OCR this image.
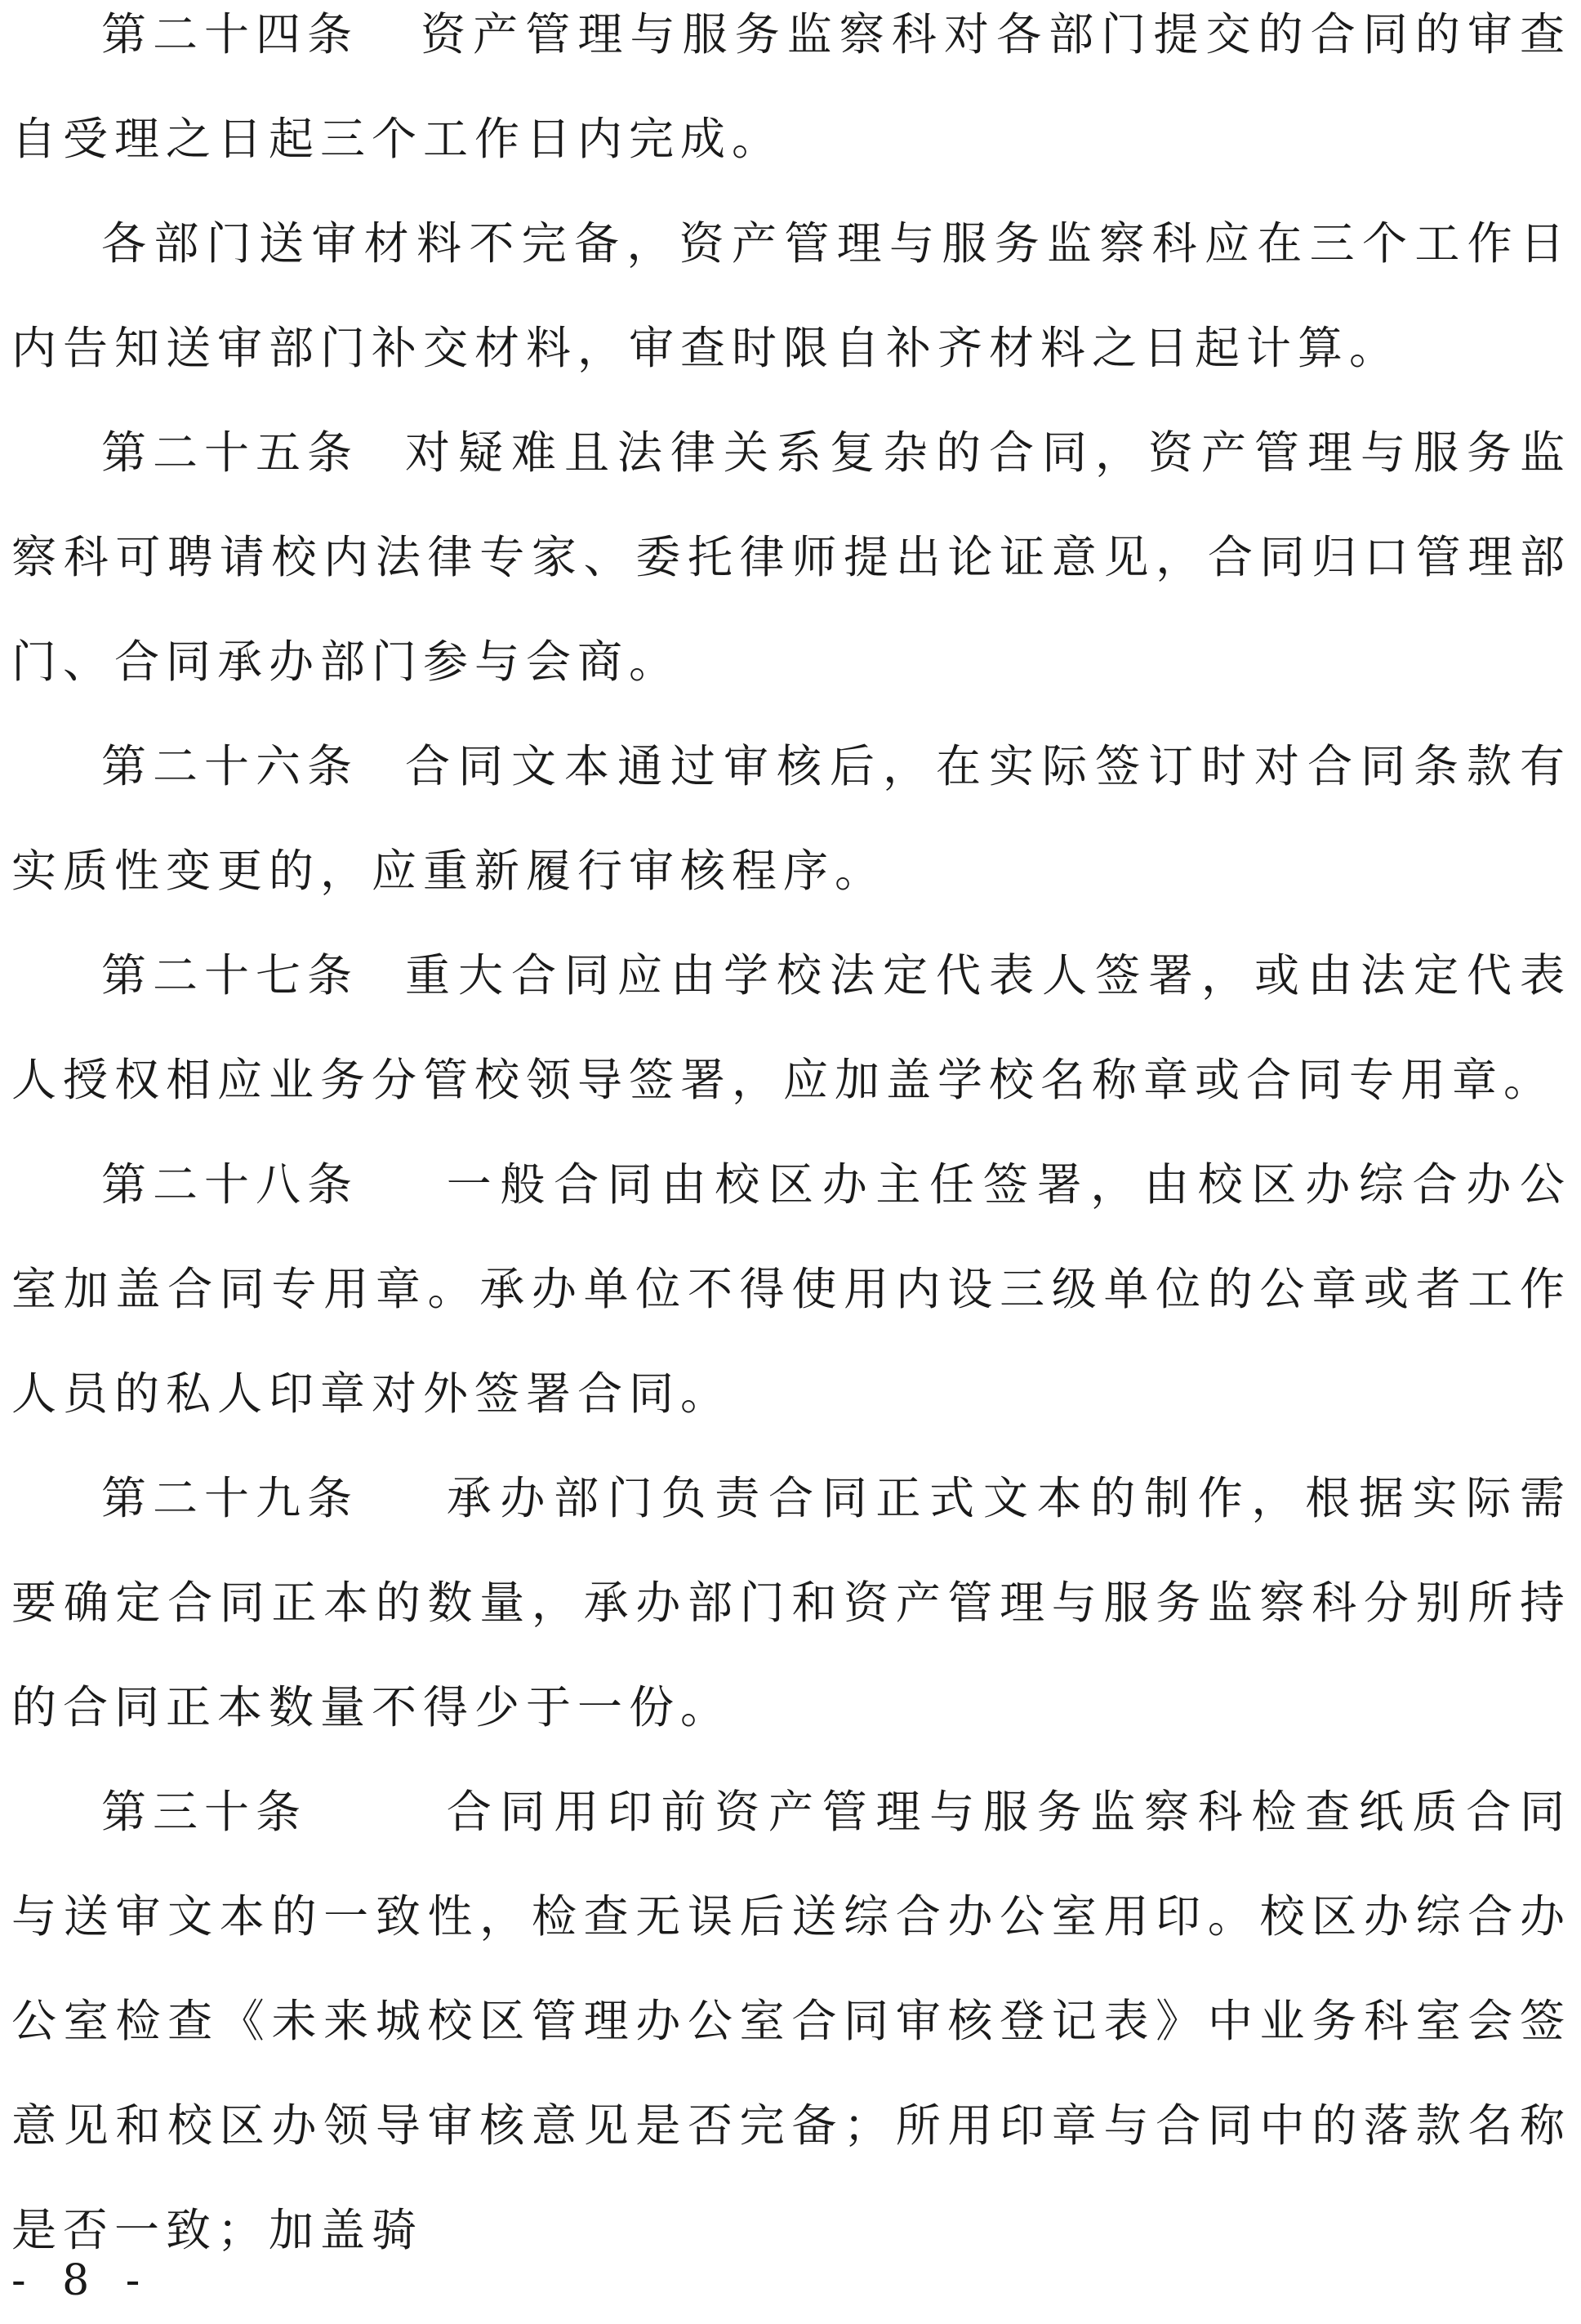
第二十四条 资产管理与服务监察科对各部门提交的合同的审查自受理之日起三个工作日内完成。

各部门送审材料不完备，资产管理与服务监察科应在三个工作日内告知送审部门补交材料，审查时限自补齐材料之日起计算。

第二十五条 对疑难且法律关系复杂的合同，资产管理与服务监察科可聘请校内法律专家、委托律师提出论证意见，合同归口管理部门、合同承办部门参与会商。

第二十六条 合同文本通过审核后，在实际签订时对合同条款有实质性变更的，应重新履行审核程序。

第二十七条 重大合同应由学校法定代表人签署，或由法定代表人授权相应业务分管校领导签署，应加盖学校名称章或合同专用章。

第二十八条 一般合同由校区办主任签署，由校区办综合办公室加盖合同专用章。承办单位不得使用内设三级单位的公章或者工作人员的私人印章对外签署合同。

第二十九条 承办部门负责合同正式文本的制作，根据实际需要确定合同正本的数量，承办部门和资产管理与服务监察科分别所持的合同正本数量不得少于一份。

第三十条	合同用印前资产管理与服务监察科检查纸质合同与送审文本的一致性，检查无误后送综合办公室用印。校区办综合办公室检查《未来城校区管理办公室合同审核登记表》中业务科室会签意见和校区办领导审核意见是否完备；所用印章与合同中的落款名称是否一致；加盖骑

- 8 -
